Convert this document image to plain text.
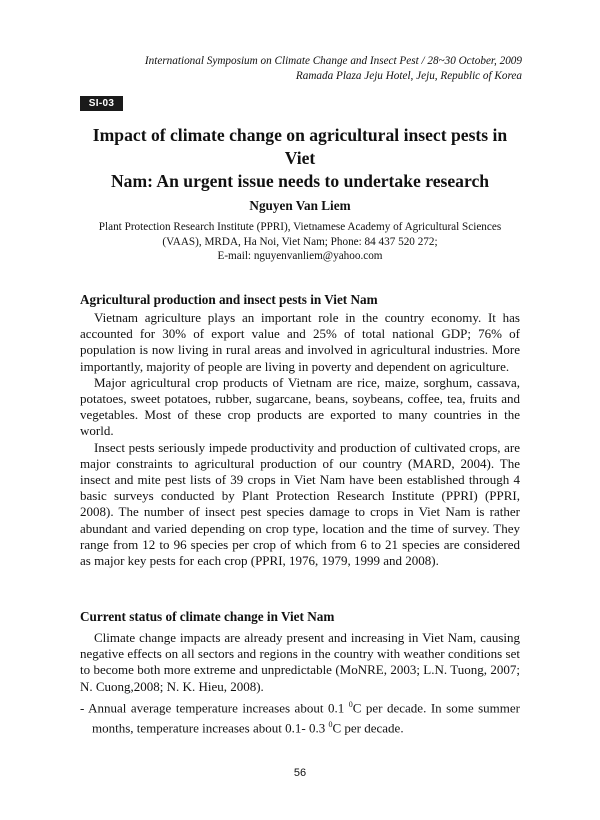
International Symposium on Climate Change and Insect Pest / 28~30 October, 2009
Ramada Plaza Jeju Hotel, Jeju, Republic of Korea
SI-03
Impact of climate change on agricultural insect pests in Viet
Nam: An urgent issue needs to undertake research
Nguyen Van Liem
Plant Protection Research Institute (PPRI), Vietnamese Academy of Agricultural Sciences
(VAAS), MRDA, Ha Noi, Viet Nam; Phone: 84 437 520 272;
E-mail: nguyenvanliem@yahoo.com
Agricultural production and insect pests in Viet Nam

Vietnam agriculture plays an important role in the country economy. It has accounted for 30% of export value and 25% of total national GDP; 76% of population is now living in rural areas and involved in agricultural industries. More importantly, majority of people are living in poverty and dependent on agriculture.

Major agricultural crop products of Vietnam are rice, maize, sorghum, cassava, potatoes, sweet potatoes, rubber, sugarcane, beans, soybeans, coffee, tea, fruits and vegetables. Most of these crop products are exported to many countries in the world.

Insect pests seriously impede productivity and production of cultivated crops, are major constraints to agricultural production of our country (MARD, 2004). The insect and mite pest lists of 39 crops in Viet Nam have been established through 4 basic surveys conducted by Plant Protection Research Institute (PPRI) (PPRI, 2008). The number of insect pest species damage to crops in Viet Nam is rather abundant and varied depending on crop type, location and the time of survey. They range from 12 to 96 species per crop of which from 6 to 21 species are considered as major key pests for each crop (PPRI, 1976, 1979, 1999 and 2008).

Current status of climate change in Viet Nam

Climate change impacts are already present and increasing in Viet Nam, causing negative effects on all sectors and regions in the country with weather conditions set to become both more extreme and unpredictable (MoNRE, 2003; L.N. Tuong, 2007; N. Cuong,2008; N. K. Hieu, 2008).

- Annual average temperature increases about 0.1 $^0$C per decade. In some summer months, temperature increases about 0.1- 0.3 $^0$C per decade.
56
